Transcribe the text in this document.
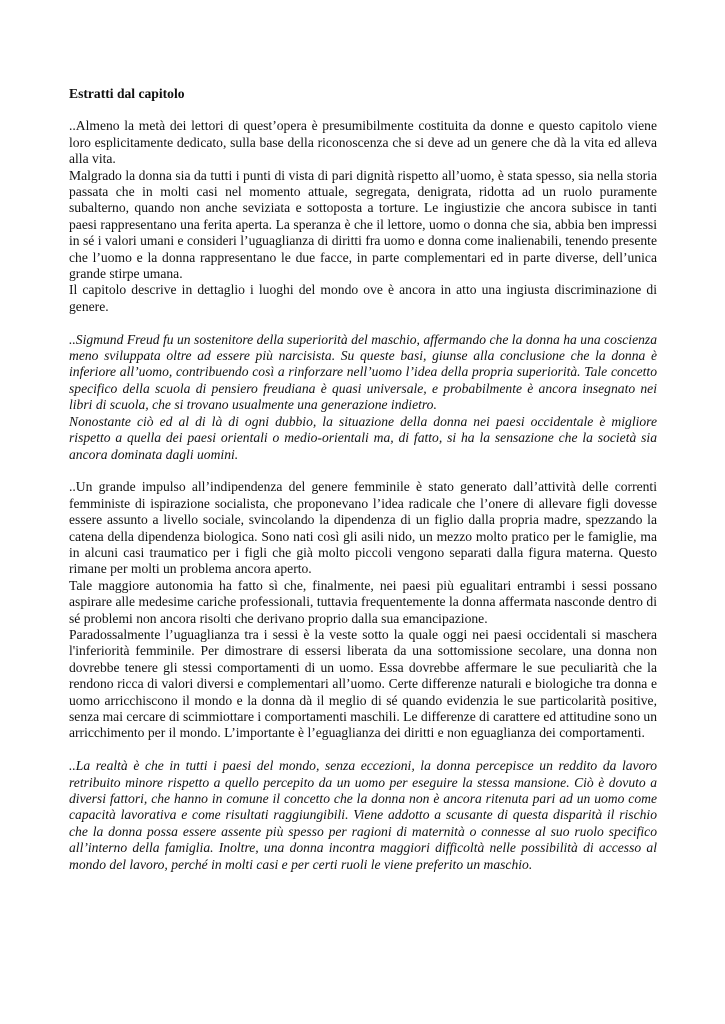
Estratti dal capitolo

..Almeno la metà dei lettori di quest’opera è presumibilmente costituita da donne e questo capitolo viene loro esplicitamente dedicato, sulla base della riconoscenza che si deve ad un genere che dà la vita ed alleva alla vita.

Malgrado la donna sia da tutti i punti di vista di pari dignità rispetto all’uomo, è stata spesso, sia nella storia passata che in molti casi nel momento attuale, segregata, denigrata, ridotta ad un ruolo puramente subalterno, quando non anche seviziata e sottoposta a torture. Le ingiustizie che ancora subisce in tanti paesi rappresentano una ferita aperta. La speranza è che il lettore, uomo o donna che sia, abbia ben impressi in sé i valori umani e consideri l’uguaglianza di diritti fra uomo e donna come inalienabili, tenendo presente che l’uomo e la donna rappresentano le due facce, in parte complementari ed in parte diverse, dell’unica grande stirpe umana.

Il capitolo descrive in dettaglio i luoghi del mondo ove è ancora in atto una ingiusta discriminazione di genere.

..Sigmund Freud fu un sostenitore della superiorità del maschio, affermando che la donna ha una coscienza meno sviluppata oltre ad essere più narcisista. Su queste basi, giunse alla conclusione che la donna è inferiore all’uomo, contribuendo così a rinforzare nell’uomo l’idea della propria superiorità. Tale concetto specifico della scuola di pensiero freudiana è quasi universale, e probabilmente è ancora insegnato nei libri di scuola, che si trovano usualmente una generazione indietro.

Nonostante ciò ed al di là di ogni dubbio, la situazione della donna nei paesi occidentale è migliore rispetto a quella dei paesi orientali o medio-orientali ma, di fatto, si ha la sensazione che la società sia ancora dominata dagli uomini.

..Un grande impulso all’indipendenza del genere femminile è stato generato dall’attività delle correnti femministe di ispirazione socialista, che proponevano l’idea radicale che l’onere di allevare figli dovesse essere assunto a livello sociale, svincolando la dipendenza di un figlio dalla propria madre, spezzando la catena della dipendenza biologica. Sono nati così gli asili nido, un mezzo molto pratico per le famiglie, ma in alcuni casi traumatico per i figli che già molto piccoli vengono separati dalla figura materna. Questo rimane per molti un problema ancora aperto.

Tale maggiore autonomia ha fatto sì che, finalmente, nei paesi più egualitari entrambi i sessi possano aspirare alle medesime cariche professionali, tuttavia frequentemente la donna affermata nasconde dentro di sé problemi non ancora risolti che derivano proprio dalla sua emancipazione.

Paradossalmente l’uguaglianza tra i sessi è la veste sotto la quale oggi nei paesi occidentali si maschera l'inferiorità femminile. Per dimostrare di essersi liberata da una sottomissione secolare, una donna non dovrebbe tenere gli stessi comportamenti di un uomo. Essa dovrebbe affermare le sue peculiarità che la rendono ricca di valori diversi e complementari all’uomo. Certe differenze naturali e biologiche tra donna e uomo arricchiscono il mondo e la donna dà il meglio di sé quando evidenzia le sue particolarità positive, senza mai cercare di scimmiottare i comportamenti maschili. Le differenze di carattere ed attitudine sono un arricchimento per il mondo. L’importante è l’eguaglianza dei diritti e non eguaglianza dei comportamenti.

..La realtà è che in tutti i paesi del mondo, senza eccezioni, la donna percepisce un reddito da lavoro retribuito minore rispetto a quello percepito da un uomo per eseguire la stessa mansione. Ciò è dovuto a diversi fattori, che hanno in comune il concetto che la donna non è ancora ritenuta pari ad un uomo come capacità lavorativa e come risultati raggiungibili. Viene addotto a scusante di questa disparità il rischio che la donna possa essere assente più spesso per ragioni di maternità o connesse al suo ruolo specifico all’interno della famiglia. Inoltre, una donna incontra maggiori difficoltà nelle possibilità di accesso al mondo del lavoro, perché in molti casi e per certi ruoli le viene preferito un maschio.
